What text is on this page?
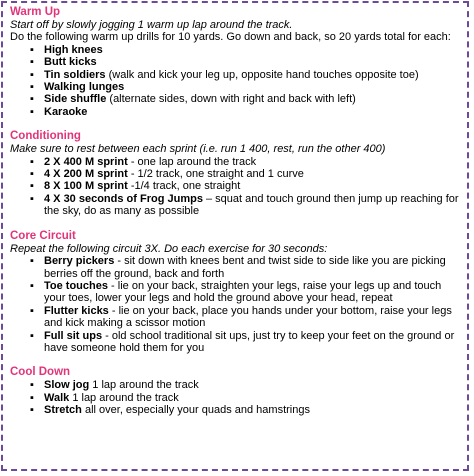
Warm Up

Start off by slowly jogging 1 warm up lap around the track.

Do the following warm up drills for 10 yards. Go down and back, so 20 yards total for each:

▪ High knees
▪ Butt kicks
▪ Tin soldiers (walk and kick your leg up, opposite hand touches opposite toe)
▪ Walking lunges
▪ Side shuffle (alternate sides, down with right and back with left)
▪ Karaoke

Conditioning

Make sure to rest between each sprint (i.e. run 1 400, rest, run the other 400)

▪ 2 X 400 M sprint - one lap around the track
▪ 4 X 200 M sprint - 1/2 track, one straight and 1 curve
▪ 8 X 100 M sprint -1/4 track, one straight
▪ 4 X 30 seconds of Frog Jumps – squat and touch ground then jump up reaching for the sky, do as many as possible

Core Circuit

Repeat the following circuit 3X. Do each exercise for 30 seconds:

▪ Berry pickers - sit down with knees bent and twist side to side like you are picking berries off the ground, back and forth
▪ Toe touches - lie on your back, straighten your legs, raise your legs up and touch your toes, lower your legs and hold the ground above your head, repeat
▪ Flutter kicks - lie on your back, place you hands under your bottom, raise your legs and kick making a scissor motion
▪ Full sit ups - old school traditional sit ups, just try to keep your feet on the ground or have someone hold them for you

Cool Down

▪ Slow jog 1 lap around the track
▪ Walk 1 lap around the track
▪ Stretch all over, especially your quads and hamstrings
